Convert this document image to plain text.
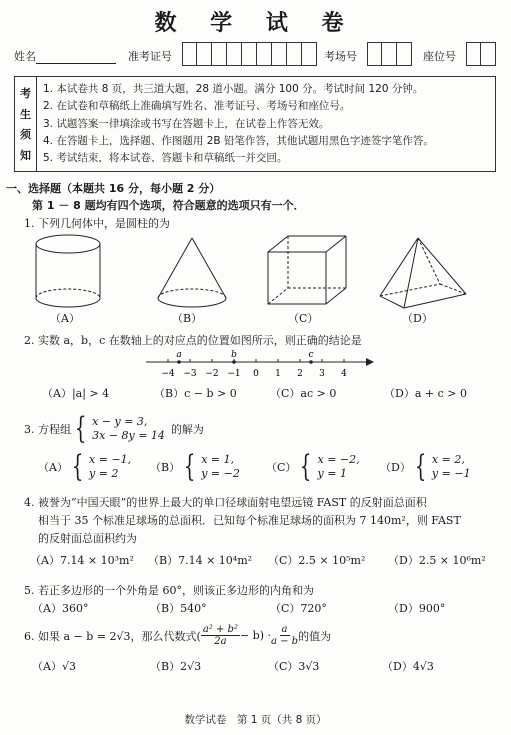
数 学 试 卷
姓名	准考证号	考场号	座位号
考
生
须
知
1. 本试卷共 8 页，共三道大题，28 道小题。满分 100 分。考试时间 120 分钟。
2. 在试卷和草稿纸上准确填写姓名、准考证号、考场号和座位号。
3. 试题答案一律填涂或书写在答题卡上，在试卷上作答无效。
4. 在答题卡上，选择题、作图题用 2B 铅笔作答，其他试题用黑色字迹签字笔作答。
5. 考试结束，将本试卷、答题卡和草稿纸一并交回。
一、选择题（本题共 16 分，每小题 2 分）
第 1 － 8 题均有四个选项，符合题意的选项只有一个．
1. 下列几何体中，是圆柱的为
（A）	（B）	（C）	（D）
2. 实数 a，b，c 在数轴上的对应点的位置如图所示，则正确的结论是
−4 −3 −2 −1 0 1 2 3 4
a	b	c
（A）|a| > 4	（B）c − b > 0	（C）ac > 0	（D）a + c > 0
3. 方程组 { x − y = 3,
3x − 8y = 14 的解为
（A） { x = −1,
y = 2	（B） { x = 1,
y = −2 （C） { x = −2,
y = 1	（D） { x = 2,
y = −1
4. 被誉为“中国天眼”的世界上最大的单口径球面射电望远镜 FAST 的反射面总面积
相当于 35 个标准足球场的总面积．已知每个标准足球场的面积为 7 140m²，则 FAST
的反射面总面积约为
（A）7.14 × 10³m² （B）7.14 × 10⁴m² （C）2.5 × 10⁵m² （D）2.5 × 10⁶m²
5. 若正多边形的一个外角是 60°，则该正多边形的内角和为
（A）360°	（B）540°	（C）720°	（D）900°
6. 如果 a − b = 2√3，那么代数式( $\frac{\text{a² + b²}}{2a} - b) \cdot \frac{a}{a - b}$ 的值为
（A）√3	（B）2√3	（C）3√3	（D）4√3
数学试卷　第 1 页（共 8 页）
